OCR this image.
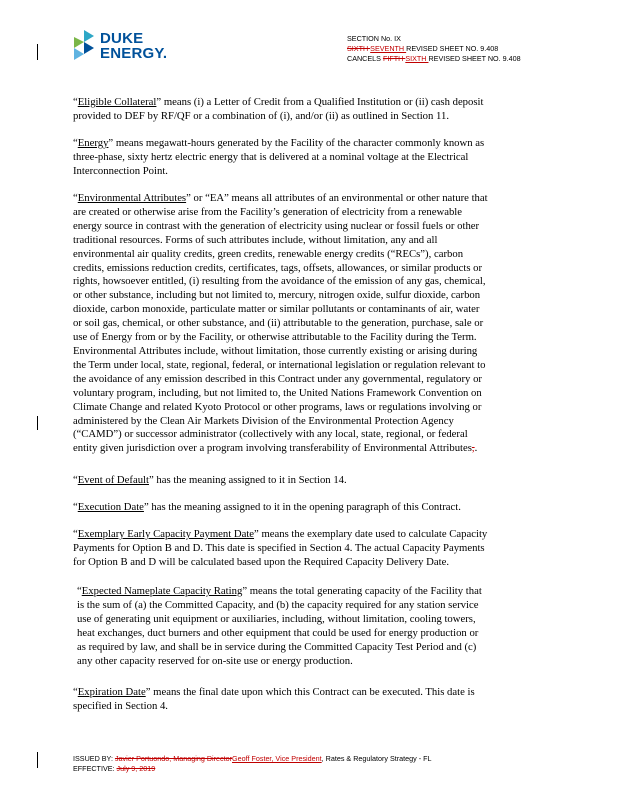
DUKE
ENERGY.
SECTION No. IX
SIXTH SEVENTH REVISED SHEET NO. 9.408
CANCELS FIFTH SIXTH REVISED SHEET NO. 9.408

“Eligible Collateral” means (i) a Letter of Credit from a Qualified Institution or (ii) cash deposit
provided to DEF by RF/QF or a combination of (i), and/or (ii) as outlined in Section 11.

“Energy” means megawatt-hours generated by the Facility of the character commonly known as
three-phase, sixty hertz electric energy that is delivered at a nominal voltage at the Electrical
Interconnection Point.

“Environmental Attributes” or “EA” means all attributes of an environmental or other nature that
are created or otherwise arise from the Facility’s generation of electricity from a renewable
energy source in contrast with the generation of electricity using nuclear or fossil fuels or other
traditional resources. Forms of such attributes include, without limitation, any and all
environmental air quality credits, green credits, renewable energy credits (“RECs”), carbon
credits, emissions reduction credits, certificates, tags, offsets, allowances, or similar products or
rights, howsoever entitled, (i) resulting from the avoidance of the emission of any gas, chemical,
or other substance, including but not limited to, mercury, nitrogen oxide, sulfur dioxide, carbon
dioxide, carbon monoxide, particulate matter or similar pollutants or contaminants of air, water
or soil gas, chemical, or other substance, and (ii) attributable to the generation, purchase, sale or
use of Energy from or by the Facility, or otherwise attributable to the Facility during the Term.
Environmental Attributes include, without limitation, those currently existing or arising during
the Term under local, state, regional, federal, or international legislation or regulation relevant to
the avoidance of any emission described in this Contract under any governmental, regulatory or
voluntary program, including, but not limited to, the United Nations Framework Convention on
Climate Change and related Kyoto Protocol or other programs, laws or regulations involving or
administered by the Clean Air Markets Division of the Environmental Protection Agency
(“CAMD”) or successor administrator (collectively with any local, state, regional, or federal
entity given jurisdiction over a program involving transferability of Environmental Attributes,.

“Event of Default” has the meaning assigned to it in Section 14.

“Execution Date” has the meaning assigned to it in the opening paragraph of this Contract.

“Exemplary Early Capacity Payment Date” means the exemplary date used to calculate Capacity
Payments for Option B and D. This date is specified in Section 4. The actual Capacity Payments
for Option B and D will be calculated based upon the Required Capacity Delivery Date.

“Expected Nameplate Capacity Rating” means the total generating capacity of the Facility that
is the sum of (a) the Committed Capacity, and (b) the capacity required for any station service
use of generating unit equipment or auxiliaries, including, without limitation, cooling towers,
heat exchanges, duct burners and other equipment that could be used for energy production or
as required by law, and shall be in service during the Committed Capacity Test Period and (c)
any other capacity reserved for on-site use or energy production.

“Expiration Date” means the final date upon which this Contract can be executed. This date is
specified in Section 4.

ISSUED BY: Javier Portuondo, Managing DirectorGeoff Foster, Vice President, Rates & Regulatory Strategy - FL
EFFECTIVE: July 9, 2019
